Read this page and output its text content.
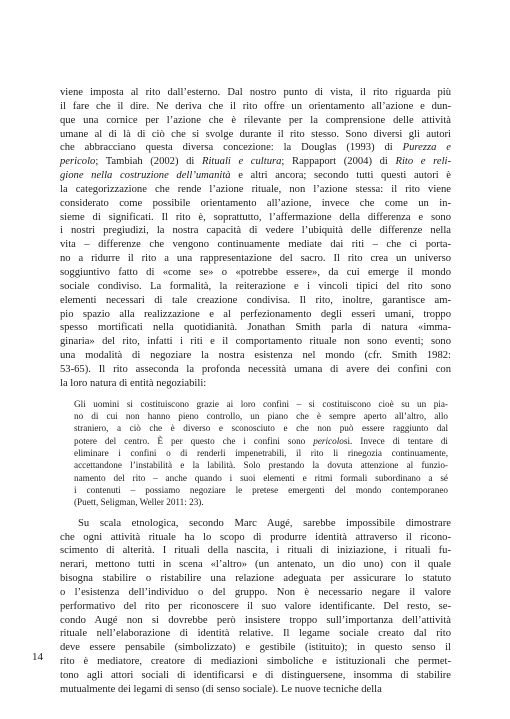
viene imposta al rito dall’esterno. Dal nostro punto di vista, il rito riguarda più
il fare che il dire. Ne deriva che il rito offre un orientamento all’azione e dun-
que una cornice per l’azione che è rilevante per la comprensione delle attività
umane al di là di ciò che si svolge durante il rito stesso. Sono diversi gli autori
che abbracciano questa diversa concezione: la Douglas (1993) di Purezza e
pericolo; Tambiah (2002) di Rituali e cultura; Rappaport (2004) di Rito e reli-
gione nella costruzione dell’umanità e altri ancora; secondo tutti questi autori è
la categorizzazione che rende l’azione rituale, non l’azione stessa: il rito viene
considerato come possibile orientamento all’azione, invece che come un in-
sieme di significati. Il rito è, soprattutto, l’affermazione della differenza e sono
i nostri pregiudizi, la nostra capacità di vedere l’ubiquità delle differenze nella
vita – differenze che vengono continuamente mediate dai riti – che ci porta-
no a ridurre il rito a una rappresentazione del sacro. Il rito crea un universo
soggiuntivo fatto di «come se» o «potrebbe essere», da cui emerge il mondo
sociale condiviso. La formalità, la reiterazione e i vincoli tipici del rito sono
elementi necessari di tale creazione condivisa. Il rito, inoltre, garantisce am-
pio spazio alla realizzazione e al perfezionamento degli esseri umani, troppo
spesso mortificati nella quotidianità. Jonathan Smith parla di natura «imma-
ginaria» del rito, infatti i riti e il comportamento rituale non sono eventi; sono
una modalità di negoziare la nostra esistenza nel mondo (cfr. Smith 1982:
53-65). Il rito asseconda la profonda necessità umana di avere dei confini con
la loro natura di entità negoziabili:
Gli uomini si costituiscono grazie ai loro confini – si costituiscono cioè su un pia-
no di cui non hanno pieno controllo, un piano che è sempre aperto all’altro, allo
straniero, a ciò che è diverso e sconosciuto e che non può essere raggiunto dal
potere del centro. È per questo che i confini sono pericolosi. Invece di tentare di
eliminare i confini o di renderli impenetrabili, il rito li rinegozia continuamente,
accettandone l’instabilità e la labilità. Solo prestando la dovuta attenzione al funzio-
namento del rito – anche quando i suoi elementi e ritmi formali subordinano a sé
i contenuti – possiamo negoziare le pretese emergenti del mondo contemporaneo
(Puett, Seligman, Weller 2011: 23).
Su scala etnologica, secondo Marc Augé, sarebbe impossibile dimostrare
che ogni attività rituale ha lo scopo di produrre identità attraverso il ricono-
scimento di alterità. I rituali della nascita, i rituali di iniziazione, i rituali fu-
nerari, mettono tutti in scena «l’altro» (un antenato, un dio uno) con il quale
bisogna stabilire o ristabilire una relazione adeguata per assicurare lo statuto
o l’esistenza dell’individuo o del gruppo. Non è necessario negare il valore
performativo del rito per riconoscere il suo valore identificante. Del resto, se-
condo Augé non si dovrebbe però insistere troppo sull’importanza dell’attività
rituale nell’elaborazione di identità relative. Il legame sociale creato dal rito
deve essere pensabile (simbolizzato) e gestibile (istituito); in questo senso il
rito è mediatore, creatore di mediazioni simboliche e istituzionali che permet-
tono agli attori sociali di identificarsi e di distinguersene, insomma di stabilire
mutualmente dei legami di senso (di senso sociale). Le nuove tecniche della
14
